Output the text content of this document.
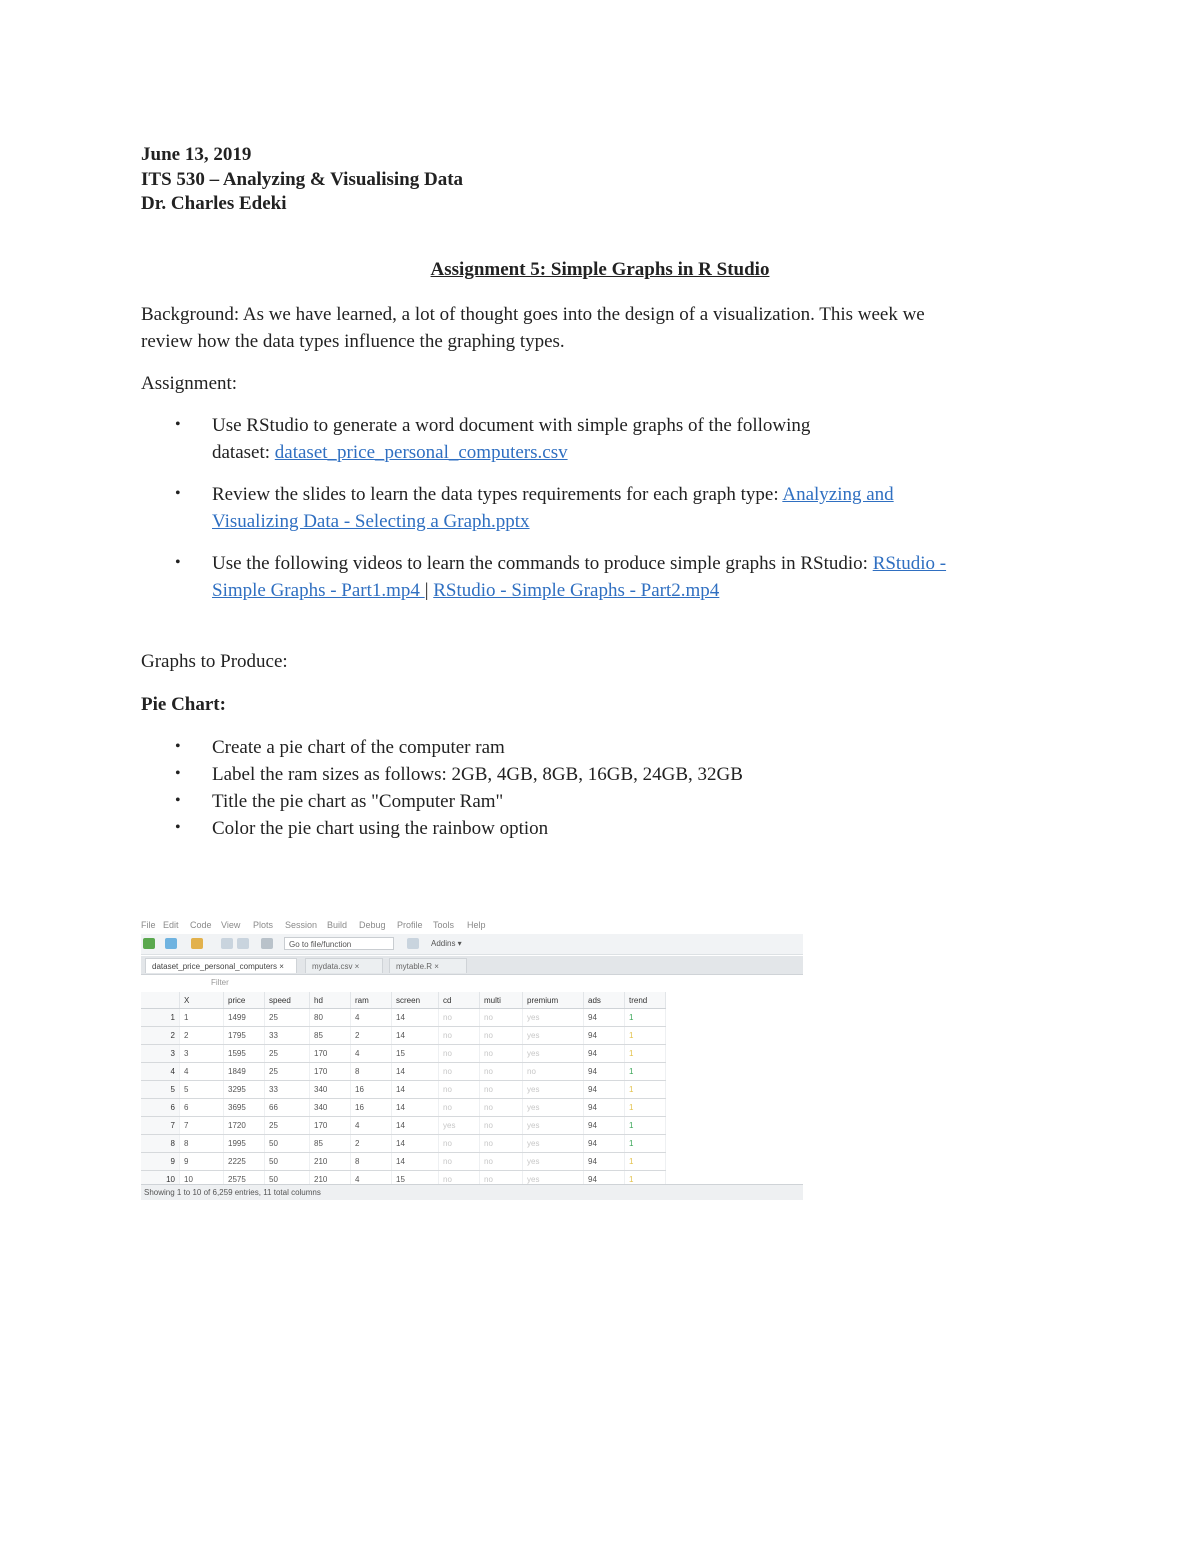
June 13, 2019
ITS 530 – Analyzing & Visualising Data
Dr. Charles Edeki
Assignment 5: Simple Graphs in R Studio
Background: As we have learned, a lot of thought goes into the design of a visualization. This week we
review how the data types influence the graphing types.
Assignment:
• Use RStudio to generate a word document with simple graphs of the following
dataset: dataset_price_personal_computers.csv
• Review the slides to learn the data types requirements for each graph type: Analyzing and
Visualizing Data - Selecting a Graph.pptx
• Use the following videos to learn the commands to produce simple graphs in RStudio: RStudio -
Simple Graphs - Part1.mp4 | RStudio - Simple Graphs - Part2.mp4
Graphs to Produce:
Pie Chart:
• Create a pie chart of the computer ram
• Label the ram sizes as follows: 2GB, 4GB, 8GB, 16GB, 24GB, 32GB
• Title the pie chart as "Computer Ram"
• Color the pie chart using the rainbow option
File Edit Code View Plots Session Build Debug Profile Tools Help
Go to file/function	Addins ▾
dataset_price_personal_computers ×	mydata.csv ×	mytable.R ×
Filter
	X	price	speed	hd	ram	screen	cd	multi	premium	ads	trend
1	1	1499	25	80	4	14	no	no	yes	94	1
2	2	1795	33	85	2	14	no	no	yes	94	1
3	3	1595	25	170	4	15	no	no	yes	94	1
4	4	1849	25	170	8	14	no	no	no	94	1
5	5	3295	33	340	16	14	no	no	yes	94	1
6	6	3695	66	340	16	14	no	no	yes	94	1
7	7	1720	25	170	4	14	yes	no	yes	94	1
8	8	1995	50	85	2	14	no	no	yes	94	1
9	9	2225	50	210	8	14	no	no	yes	94	1
10	10	2575	50	210	4	15	no	no	yes	94	1
Showing 1 to 10 of 6,259 entries, 11 total columns
